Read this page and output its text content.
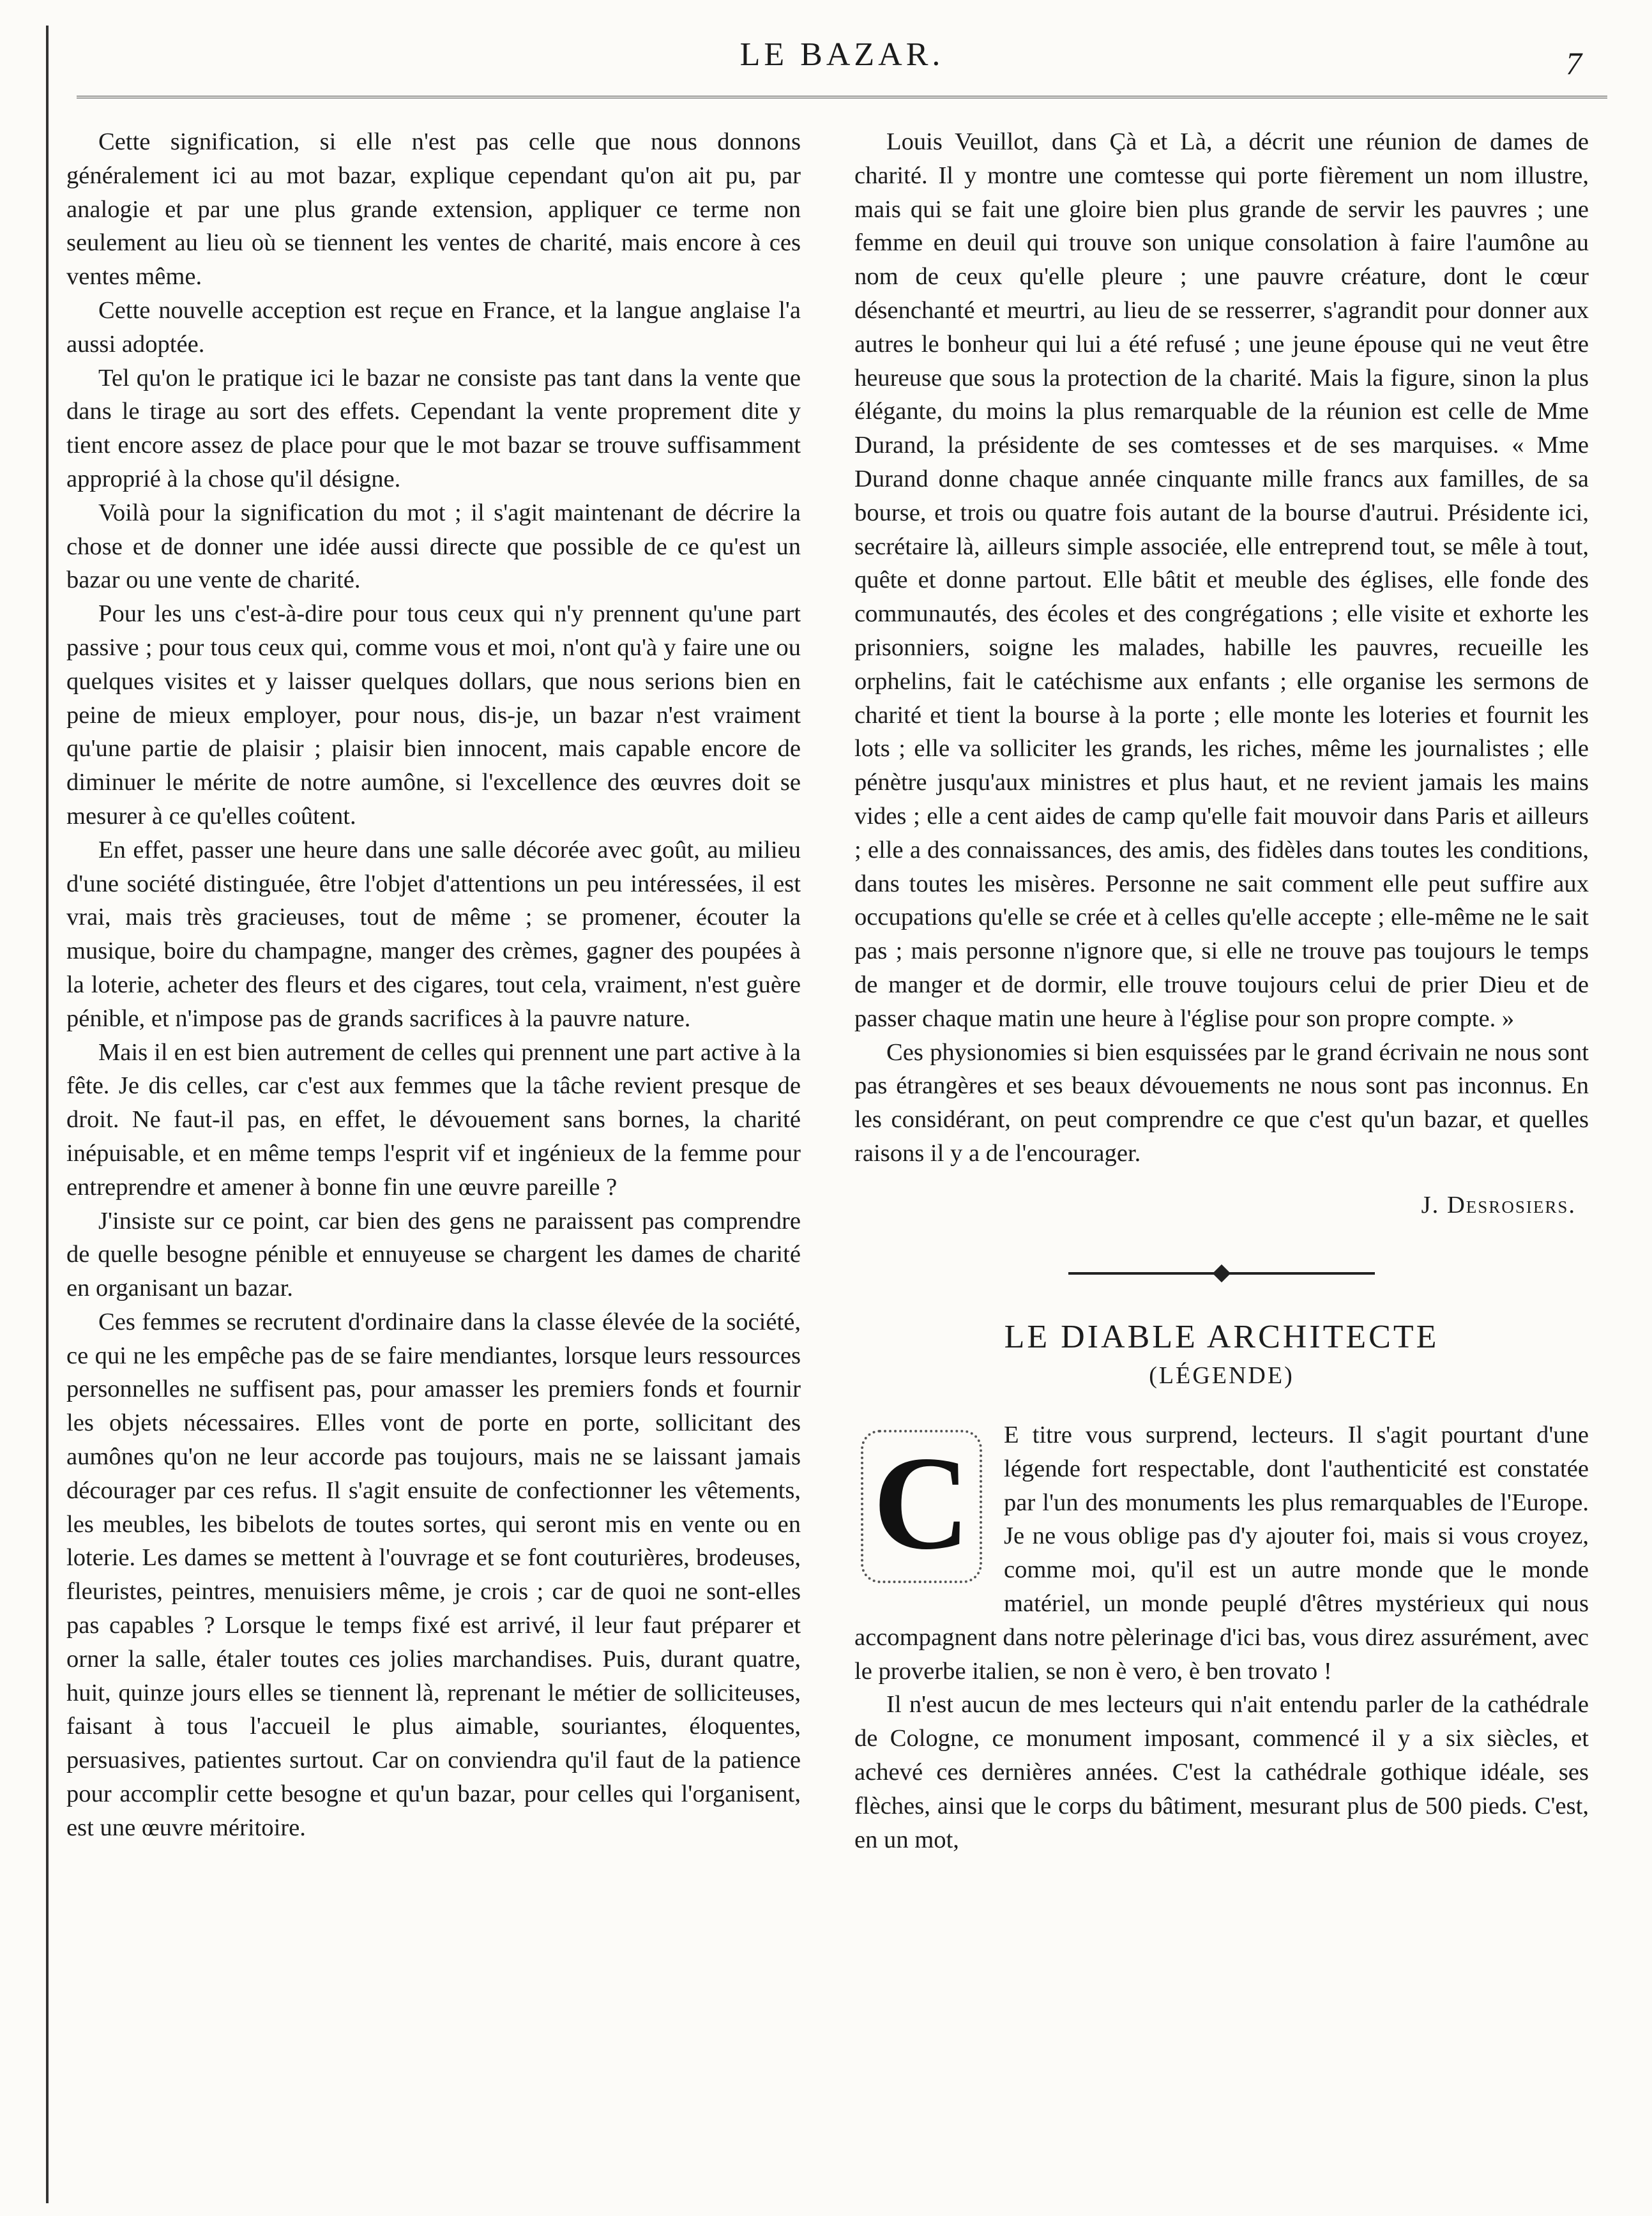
LE BAZAR.	7

Cette signification, si elle n'est pas celle que nous donnons généralement ici au mot bazar, explique cependant qu'on ait pu, par analogie et par une plus grande extension, appliquer ce terme non seulement au lieu où se tiennent les ventes de charité, mais encore à ces ventes même.

Cette nouvelle acception est reçue en France, et la langue anglaise l'a aussi adoptée.

Tel qu'on le pratique ici le bazar ne consiste pas tant dans la vente que dans le tirage au sort des effets. Cependant la vente proprement dite y tient encore assez de place pour que le mot bazar se trouve suffisamment approprié à la chose qu'il désigne.

Voilà pour la signification du mot ; il s'agit maintenant de décrire la chose et de donner une idée aussi directe que possible de ce qu'est un bazar ou une vente de charité.

Pour les uns c'est-à-dire pour tous ceux qui n'y prennent qu'une part passive ; pour tous ceux qui, comme vous et moi, n'ont qu'à y faire une ou quelques visites et y laisser quelques dollars, que nous serions bien en peine de mieux employer, pour nous, dis-je, un bazar n'est vraiment qu'une partie de plaisir ; plaisir bien innocent, mais capable encore de diminuer le mérite de notre aumône, si l'excellence des œuvres doit se mesurer à ce qu'elles coûtent.

En effet, passer une heure dans une salle décorée avec goût, au milieu d'une société distinguée, être l'objet d'attentions un peu intéressées, il est vrai, mais très gracieuses, tout de même ; se promener, écouter la musique, boire du champagne, manger des crèmes, gagner des poupées à la loterie, acheter des fleurs et des cigares, tout cela, vraiment, n'est guère pénible, et n'impose pas de grands sacrifices à la pauvre nature.

Mais il en est bien autrement de celles qui prennent une part active à la fête. Je dis celles, car c'est aux femmes que la tâche revient presque de droit. Ne faut-il pas, en effet, le dévouement sans bornes, la charité inépuisable, et en même temps l'esprit vif et ingénieux de la femme pour entreprendre et amener à bonne fin une œuvre pareille ?

J'insiste sur ce point, car bien des gens ne paraissent pas comprendre de quelle besogne pénible et ennuyeuse se chargent les dames de charité en organisant un bazar.

Ces femmes se recrutent d'ordinaire dans la classe élevée de la société, ce qui ne les empêche pas de se faire mendiantes, lorsque leurs ressources personnelles ne suffisent pas, pour amasser les premiers fonds et fournir les objets nécessaires. Elles vont de porte en porte, sollicitant des aumônes qu'on ne leur accorde pas toujours, mais ne se laissant jamais décourager par ces refus. Il s'agit ensuite de confectionner les vêtements, les meubles, les bibelots de toutes sortes, qui seront mis en vente ou en loterie. Les dames se mettent à l'ouvrage et se font couturières, brodeuses, fleuristes, peintres, menuisiers même, je crois ; car de quoi ne sont-elles pas capables ? Lorsque le temps fixé est arrivé, il leur faut préparer et orner la salle, étaler toutes ces jolies marchandises. Puis, durant quatre, huit, quinze jours elles se tiennent là, reprenant le métier de solliciteuses, faisant à tous l'accueil le plus aimable, souriantes, éloquentes, persuasives, patientes surtout. Car on conviendra qu'il faut de la patience pour accomplir cette besogne et qu'un bazar, pour celles qui l'organisent, est une œuvre méritoire.

Louis Veuillot, dans Çà et Là, a décrit une réunion de dames de charité. Il y montre une comtesse qui porte fièrement un nom illustre, mais qui se fait une gloire bien plus grande de servir les pauvres ; une femme en deuil qui trouve son unique consolation à faire l'aumône au nom de ceux qu'elle pleure ; une pauvre créature, dont le cœur désenchanté et meurtri, au lieu de se resserrer, s'agrandit pour donner aux autres le bonheur qui lui a été refusé ; une jeune épouse qui ne veut être heureuse que sous la protection de la charité. Mais la figure, sinon la plus élégante, du moins la plus remarquable de la réunion est celle de Mme Durand, la présidente de ses comtesses et de ses marquises. « Mme Durand donne chaque année cinquante mille francs aux familles, de sa bourse, et trois ou quatre fois autant de la bourse d'autrui. Présidente ici, secrétaire là, ailleurs simple associée, elle entreprend tout, se mêle à tout, quête et donne partout. Elle bâtit et meuble des églises, elle fonde des communautés, des écoles et des congrégations ; elle visite et exhorte les prisonniers, soigne les malades, habille les pauvres, recueille les orphelins, fait le catéchisme aux enfants ; elle organise les sermons de charité et tient la bourse à la porte ; elle monte les loteries et fournit les lots ; elle va solliciter les grands, les riches, même les journalistes ; elle pénètre jusqu'aux ministres et plus haut, et ne revient jamais les mains vides ; elle a cent aides de camp qu'elle fait mouvoir dans Paris et ailleurs ; elle a des connaissances, des amis, des fidèles dans toutes les conditions, dans toutes les misères. Personne ne sait comment elle peut suffire aux occupations qu'elle se crée et à celles qu'elle accepte ; elle-même ne le sait pas ; mais personne n'ignore que, si elle ne trouve pas toujours le temps de manger et de dormir, elle trouve toujours celui de prier Dieu et de passer chaque matin une heure à l'église pour son propre compte. »

Ces physionomies si bien esquissées par le grand écrivain ne nous sont pas étrangères et ses beaux dévouements ne nous sont pas inconnus. En les considérant, on peut comprendre ce que c'est qu'un bazar, et quelles raisons il y a de l'encourager.

J. Desrosiers.

LE DIABLE ARCHITECTE

(LÉGENDE)

C	E titre vous surprend, lecteurs. Il s'agit pourtant d'une légende fort respectable, dont l'authenticité est constatée par l'un des monuments les plus remarquables de l'Europe. Je ne vous oblige pas d'y ajouter foi, mais si vous croyez, comme moi, qu'il est un autre monde que le monde matériel, un monde peuplé d'êtres mystérieux qui nous accompagnent dans notre pèlerinage d'ici bas, vous direz assurément, avec le proverbe italien, se non è vero, è ben trovato !

Il n'est aucun de mes lecteurs qui n'ait entendu parler de la cathédrale de Cologne, ce monument imposant, commencé il y a six siècles, et achevé ces dernières années. C'est la cathédrale gothique idéale, ses flèches, ainsi que le corps du bâtiment, mesurant plus de 500 pieds. C'est, en un mot,
